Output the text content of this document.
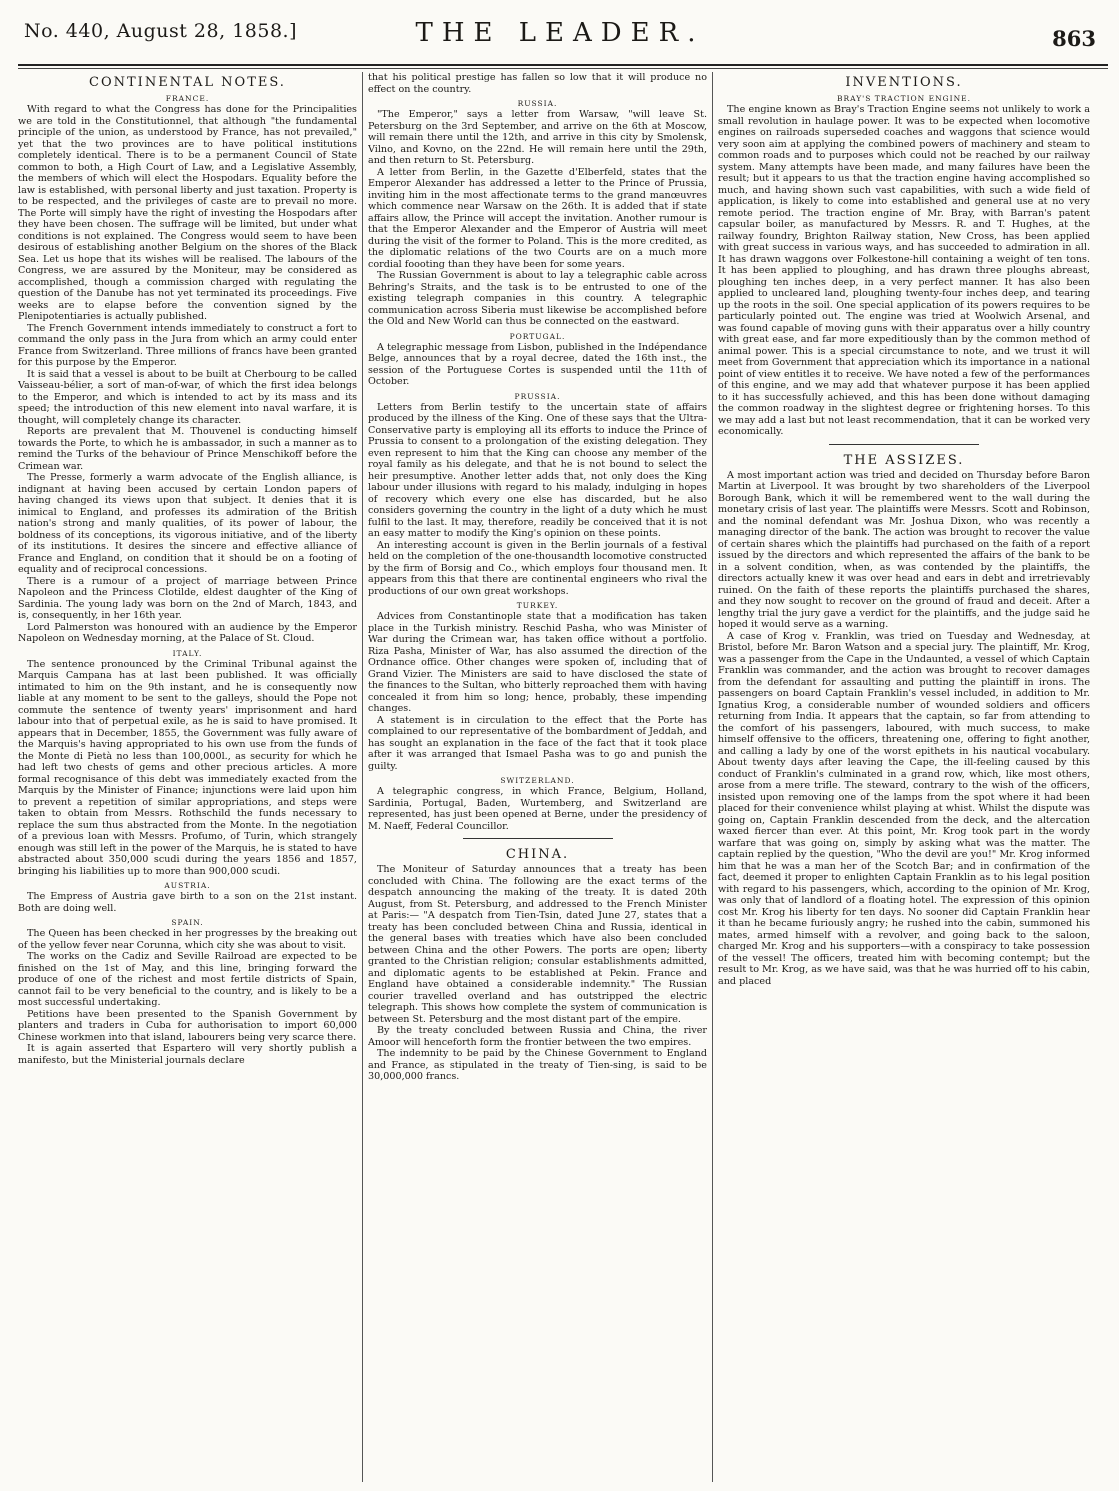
No. 440, August 28, 1858.]	THE LEADER.	863
CONTINENTAL NOTES.
FRANCE.

With regard to what the Congress has done for the Principalities we are told in the Constitutionnel, that although "the fundamental principle of the union, as understood by France, has not prevailed," yet that the two provinces are to have political institutions completely identical. There is to be a permanent Council of State common to both, a High Court of Law, and a Legislative Assembly, the members of which will elect the Hospodars. Equality before the law is established, with personal liberty and just taxation. Property is to be respected, and the privileges of caste are to prevail no more. The Porte will simply have the right of investing the Hospodars after they have been chosen. The suffrage will be limited, but under what conditions is not explained. The Congress would seem to have been desirous of establishing another Belgium on the shores of the Black Sea. Let us hope that its wishes will be realised. The labours of the Congress, we are assured by the Moniteur, may be considered as accomplished, though a commission charged with regulating the question of the Danube has not yet terminated its proceedings. Five weeks are to elapse before the convention signed by the Plenipotentiaries is actually published.

The French Government intends immediately to construct a fort to command the only pass in the Jura from which an army could enter France from Switzerland. Three millions of francs have been granted for this purpose by the Emperor.

It is said that a vessel is about to be built at Cherbourg to be called Vaisseau-bélier, a sort of man-of-war, of which the first idea belongs to the Emperor, and which is intended to act by its mass and its speed; the introduction of this new element into naval warfare, it is thought, will completely change its character.

Reports are prevalent that M. Thouvenel is conducting himself towards the Porte, to which he is ambassador, in such a manner as to remind the Turks of the behaviour of Prince Menschikoff before the Crimean war.

The Presse, formerly a warm advocate of the English alliance, is indignant at having been accused by certain London papers of having changed its views upon that subject. It denies that it is inimical to England, and professes its admiration of the British nation's strong and manly qualities, of its power of labour, the boldness of its conceptions, its vigorous initiative, and of the liberty of its institutions. It desires the sincere and effective alliance of France and England, on condition that it should be on a footing of equality and of reciprocal concessions.

There is a rumour of a project of marriage between Prince Napoleon and the Princess Clotilde, eldest daughter of the King of Sardinia. The young lady was born on the 2nd of March, 1843, and is, consequently, in her 16th year.

Lord Palmerston was honoured with an audience by the Emperor Napoleon on Wednesday morning, at the Palace of St. Cloud.

ITALY.

The sentence pronounced by the Criminal Tribunal against the Marquis Campana has at last been published. It was officially intimated to him on the 9th instant, and he is consequently now liable at any moment to be sent to the galleys, should the Pope not commute the sentence of twenty years' imprisonment and hard labour into that of perpetual exile, as he is said to have promised. It appears that in December, 1855, the Government was fully aware of the Marquis's having appropriated to his own use from the funds of the Monte di Pietà no less than 100,000l., as security for which he had left two chests of gems and other precious articles. A more formal recognisance of this debt was immediately exacted from the Marquis by the Minister of Finance; injunctions were laid upon him to prevent a repetition of similar appropriations, and steps were taken to obtain from Messrs. Rothschild the funds necessary to replace the sum thus abstracted from the Monte. In the negotiation of a previous loan with Messrs. Profumo, of Turin, which strangely enough was still left in the power of the Marquis, he is stated to have abstracted about 350,000 scudi during the years 1856 and 1857, bringing his liabilities up to more than 900,000 scudi.

AUSTRIA.

The Empress of Austria gave birth to a son on the 21st instant. Both are doing well.

SPAIN.

The Queen has been checked in her progresses by the breaking out of the yellow fever near Corunna, which city she was about to visit.

The works on the Cadiz and Seville Railroad are expected to be finished on the 1st of May, and this line, bringing forward the produce of one of the richest and most fertile districts of Spain, cannot fail to be very beneficial to the country, and is likely to be a most successful undertaking.

Petitions have been presented to the Spanish Government by planters and traders in Cuba for authorisation to import 60,000 Chinese workmen into that island, labourers being very scarce there.

It is again asserted that Espartero will very shortly publish a manifesto, but the Ministerial journals declare

that his political prestige has fallen so low that it will produce no effect on the country.

RUSSIA.

"The Emperor," says a letter from Warsaw, "will leave St. Petersburg on the 3rd September, and arrive on the 6th at Moscow, will remain there until the 12th, and arrive in this city by Smolensk, Vilno, and Kovno, on the 22nd. He will remain here until the 29th, and then return to St. Petersburg.

A letter from Berlin, in the Gazette d'Elberfeld, states that the Emperor Alexander has addressed a letter to the Prince of Prussia, inviting him in the most affectionate terms to the grand manœuvres which commence near Warsaw on the 26th. It is added that if state affairs allow, the Prince will accept the invitation. Another rumour is that the Emperor Alexander and the Emperor of Austria will meet during the visit of the former to Poland. This is the more credited, as the diplomatic relations of the two Courts are on a much more cordial foooting than they have been for some years.

The Russian Government is about to lay a telegraphic cable across Behring's Straits, and the task is to be entrusted to one of the existing telegraph companies in this country. A telegraphic communication across Siberia must likewise be accomplished before the Old and New World can thus be connected on the eastward.

PORTUGAL.

A telegraphic message from Lisbon, published in the Indépendance Belge, announces that by a royal decree, dated the 16th inst., the session of the Portuguese Cortes is suspended until the 11th of October.

PRUSSIA.

Letters from Berlin testify to the uncertain state of affairs produced by the illness of the King. One of these says that the Ultra-Conservative party is employing all its efforts to induce the Prince of Prussia to consent to a prolongation of the existing delegation. They even represent to him that the King can choose any member of the royal family as his delegate, and that he is not bound to select the heir presumptive. Another letter adds that, not only does the King labour under illusions with regard to his malady, indulging in hopes of recovery which every one else has discarded, but he also considers governing the country in the light of a duty which he must fulfil to the last. It may, therefore, readily be conceived that it is not an easy matter to modify the King's opinion on these points.

An interesting account is given in the Berlin journals of a festival held on the completion of the one-thousandth locomotive constructed by the firm of Borsig and Co., which employs four thousand men. It appears from this that there are continental engineers who rival the productions of our own great workshops.

TURKEY.

Advices from Constantinople state that a modification has taken place in the Turkish ministry. Reschid Pasha, who was Minister of War during the Crimean war, has taken office without a portfolio. Riza Pasha, Minister of War, has also assumed the direction of the Ordnance office. Other changes were spoken of, including that of Grand Vizier. The Ministers are said to have disclosed the state of the finances to the Sultan, who bitterly reproached them with having concealed it from him so long; hence, probably, these impending changes.

A statement is in circulation to the effect that the Porte has complained to our representative of the bombardment of Jeddah, and has sought an explanation in the face of the fact that it took place after it was arranged that Ismael Pasha was to go and punish the guilty.

SWITZERLAND.

A telegraphic congress, in which France, Belgium, Holland, Sardinia, Portugal, Baden, Wurtemberg, and Switzerland are represented, has just been opened at Berne, under the presidency of M. Naeff, Federal Councillor.

CHINA.

The Moniteur of Saturday announces that a treaty has been concluded with China. The following are the exact terms of the despatch announcing the making of the treaty. It is dated 20th August, from St. Petersburg, and addressed to the French Minister at Paris:— "A despatch from Tien-Tsin, dated June 27, states that a treaty has been concluded between China and Russia, identical in the general bases with treaties which have also been concluded between China and the other Powers. The ports are open; liberty granted to the Christian religion; consular establishments admitted, and diplomatic agents to be established at Pekin. France and England have obtained a considerable indemnity." The Russian courier travelled overland and has outstripped the electric telegraph. This shows how complete the system of communication is between St. Petersburg and the most distant part of the empire.

By the treaty concluded between Russia and China, the river Amoor will henceforth form the frontier between the two empires.

The indemnity to be paid by the Chinese Government to England and France, as stipulated in the treaty of Tien-sing, is said to be 30,000,000 francs.

INVENTIONS.
BRAY'S TRACTION ENGINE.

The engine known as Bray's Traction Engine seems not unlikely to work a small revolution in haulage power. It was to be expected when locomotive engines on railroads superseded coaches and waggons that science would very soon aim at applying the combined powers of machinery and steam to common roads and to purposes which could not be reached by our railway system. Many attempts have been made, and many failures have been the result; but it appears to us that the traction engine having accomplished so much, and having shown such vast capabilities, with such a wide field of application, is likely to come into established and general use at no very remote period. The traction engine of Mr. Bray, with Barran's patent capsular boiler, as manufactured by Messrs. R. and T. Hughes, at the railway foundry, Brighton Railway station, New Cross, has been applied with great success in various ways, and has succeeded to admiration in all. It has drawn waggons over Folkestone-hill containing a weight of ten tons. It has been applied to ploughing, and has drawn three ploughs abreast, ploughing ten inches deep, in a very perfect manner. It has also been applied to uncleared land, ploughing twenty-four inches deep, and tearing up the roots in the soil. One special application of its powers requires to be particularly pointed out. The engine was tried at Woolwich Arsenal, and was found capable of moving guns with their apparatus over a hilly country with great ease, and far more expeditiously than by the common method of animal power. This is a special circumstance to note, and we trust it will meet from Government that appreciation which its importance in a national point of view entitles it to receive. We have noted a few of the performances of this engine, and we may add that whatever purpose it has been applied to it has successfully achieved, and this has been done without damaging the common roadway in the slightest degree or frightening horses. To this we may add a last but not least recommendation, that it can be worked very economically.

THE ASSIZES.

A most important action was tried and decided on Thursday before Baron Martin at Liverpool. It was brought by two shareholders of the Liverpool Borough Bank, which it will be remembered went to the wall during the monetary crisis of last year. The plaintiffs were Messrs. Scott and Robinson, and the nominal defendant was Mr. Joshua Dixon, who was recently a managing director of the bank. The action was brought to recover the value of certain shares which the plaintiffs had purchased on the faith of a report issued by the directors and which represented the affairs of the bank to be in a solvent condition, when, as was contended by the plaintiffs, the directors actually knew it was over head and ears in debt and irretrievably ruined. On the faith of these reports the plaintiffs purchased the shares, and they now sought to recover on the ground of fraud and deceit. After a lengthy trial the jury gave a verdict for the plaintiffs, and the judge said he hoped it would serve as a warning.

A case of Krog v. Franklin, was tried on Tuesday and Wednesday, at Bristol, before Mr. Baron Watson and a special jury. The plaintiff, Mr. Krog, was a passenger from the Cape in the Undaunted, a vessel of which Captain Franklin was commander, and the action was brought to recover damages from the defendant for assaulting and putting the plaintiff in irons. The passengers on board Captain Franklin's vessel included, in addition to Mr. Ignatius Krog, a considerable number of wounded soldiers and officers returning from India. It appears that the captain, so far from attending to the comfort of his passengers, laboured, with much success, to make himself offensive to the officers, threatening one, offering to fight another, and calling a lady by one of the worst epithets in his nautical vocabulary. About twenty days after leaving the Cape, the ill-feeling caused by this conduct of Franklin's culminated in a grand row, which, like most others, arose from a mere trifle. The steward, contrary to the wish of the officers, insisted upon removing one of the lamps from the spot where it had been placed for their convenience whilst playing at whist. Whilst the dispute was going on, Captain Franklin descended from the deck, and the altercation waxed fiercer than ever. At this point, Mr. Krog took part in the wordy warfare that was going on, simply by asking what was the matter. The captain replied by the question, "Who the devil are you!" Mr. Krog informed him that he was a man her of the Scotch Bar; and in confirmation of the fact, deemed it proper to enlighten Captain Franklin as to his legal position with regard to his passengers, which, according to the opinion of Mr. Krog, was only that of landlord of a floating hotel. The expression of this opinion cost Mr. Krog his liberty for ten days. No sooner did Captain Franklin hear it than he became furiously angry; he rushed into the cabin, summoned his mates, armed himself with a revolver, and going back to the saloon, charged Mr. Krog and his supporters—with a conspiracy to take possession of the vessel! The officers, treated him with becoming contempt; but the result to Mr. Krog, as we have said, was that he was hurried off to his cabin, and placed
